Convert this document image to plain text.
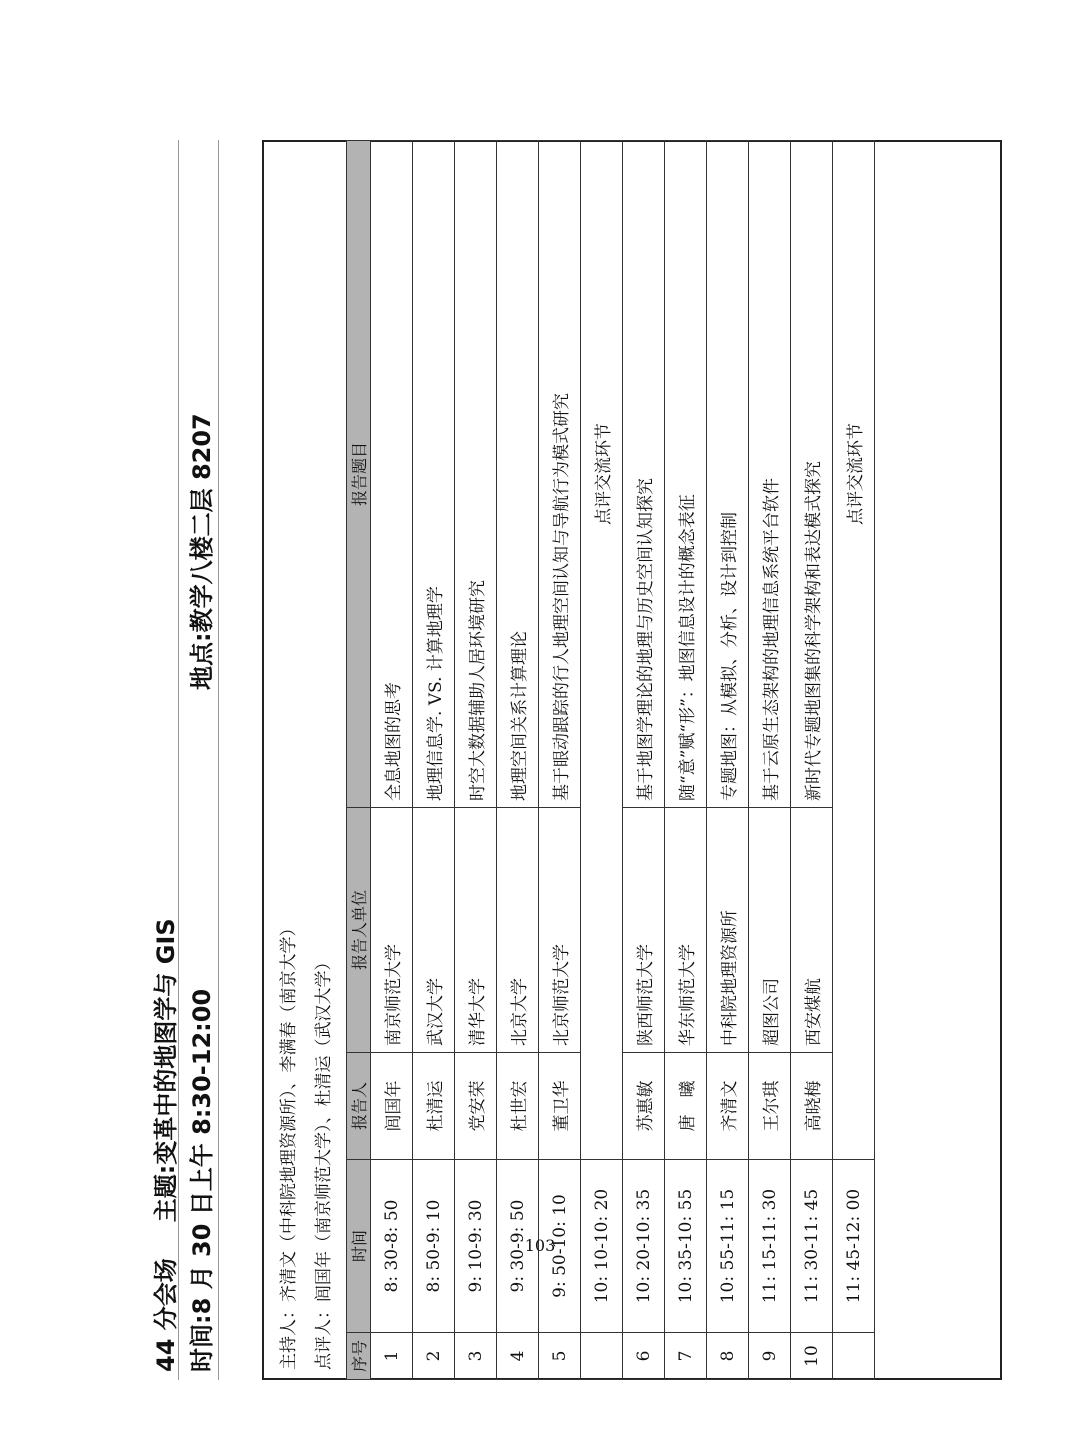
44 分会场主题:变革中的地图学与 GIS 时间:8 月 30 日上午 8:30-12:00
地点:教学八楼二层 8207
主持人：齐清文（中科院地理资源所）、李满春（南京大学） 点评人：闾国年（南京师范大学）、杜清运（武汉大学） 序号	时间	报告人	报告人单位	报告题目
1	8: 30-8: 50	闾国年	南京师范大学	全息地图的思考
2	8: 50-9: 10	杜清运	武汉大学	地理信息学. VS. 计算地理学
3	9: 10-9: 30	党安荣	清华大学	时空大数据辅助人居环境研究
4	9: 30-9: 50	杜世宏	北京大学	地理空间关系计算理论
5	9: 50-10: 10	董卫华	北京师范大学	基于眼动跟踪的行人地理空间认知与导航行为模式研究
	10: 10-10: 20			点评交流环节
6	10: 20-10: 35	苏惠敏	陕西师范大学	基于地图学理论的地理与历史空间认知探究
7	10: 35-10: 55	唐　曦	华东师范大学	随“意”赋“形”：地图信息设计的概念表征
8	10: 55-11: 15	齐清文	中科院地理资源所	专题地图：从模拟、分析、设计到控制
9	11: 15-11: 30	王尔琪	超图公司	基于云原生态架构的地理信息系统平台软件
10	11: 30-11: 45	高晓梅	西安煤航	新时代专题地图集的科学架构和表达模式探究
	11: 45-12: 00			点评交流环节
103
